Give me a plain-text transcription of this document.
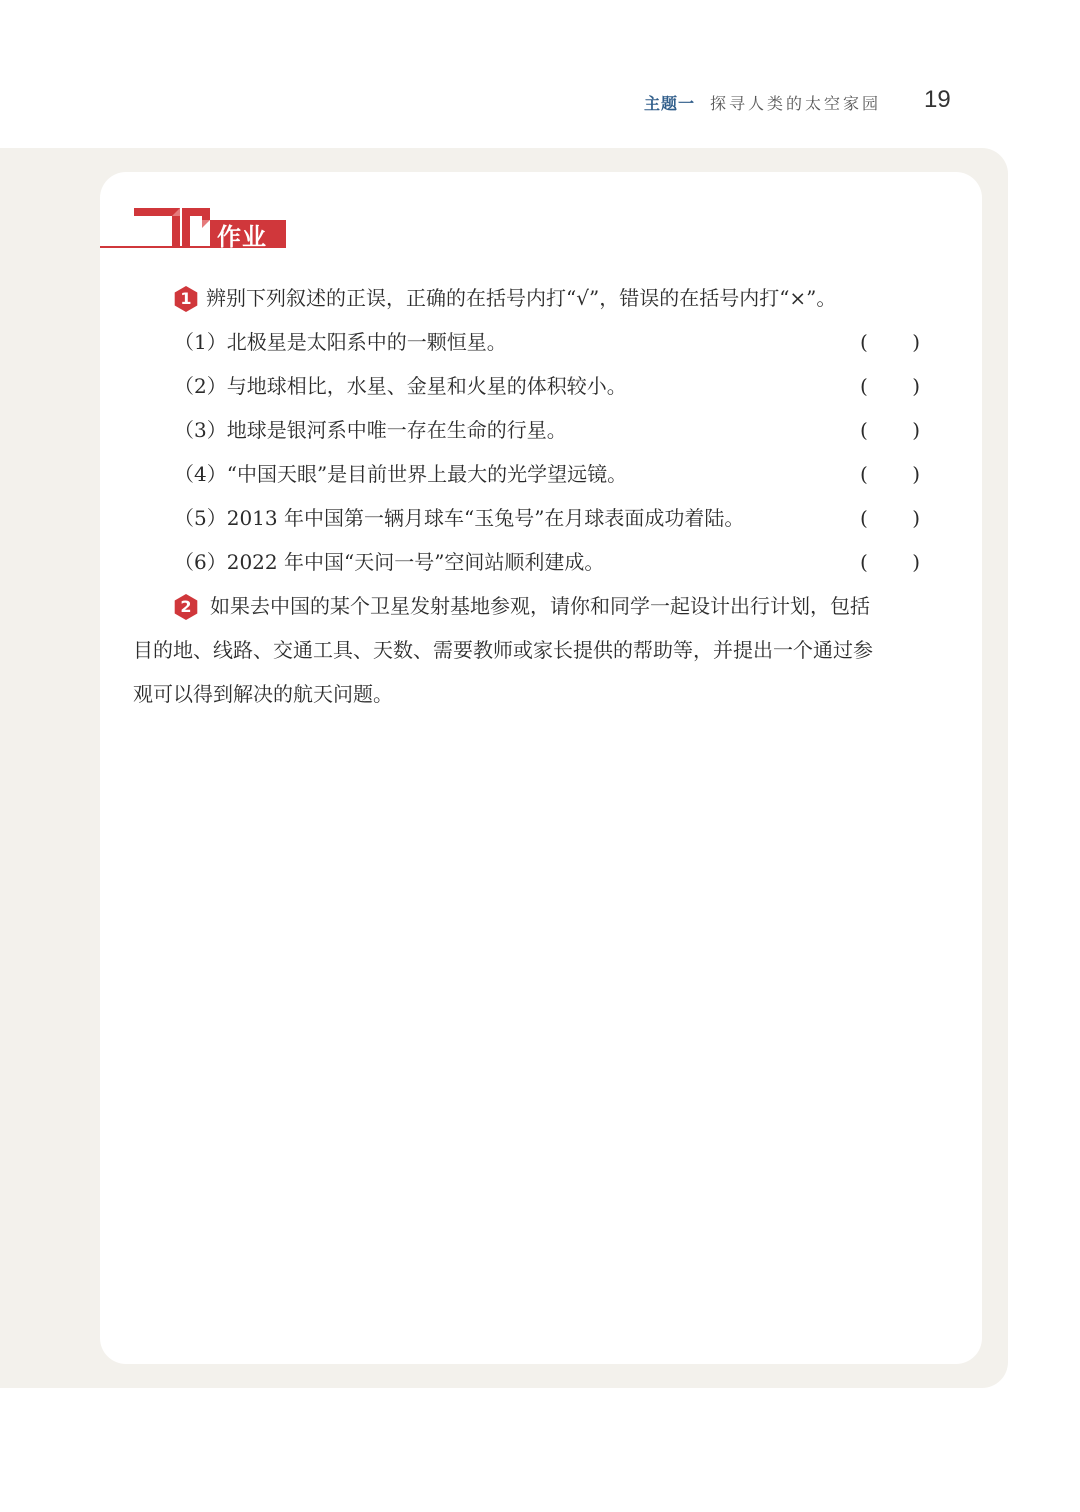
主题一 探寻人类的太空家园 19
作业
1 辨别下列叙述的正误，正确的在括号内打“√”，错误的在括号内打“×”。
（1）北极星是太阳系中的一颗恒星。	(       )
（2）与地球相比，水星、金星和火星的体积较小。	(       )
（3）地球是银河系中唯一存在生命的行星。	(       )
（4）“中国天眼”是目前世界上最大的光学望远镜。	(       )
（5）2013 年中国第一辆月球车“玉兔号”在月球表面成功着陆。	(       )
（6）2022 年中国“天问一号”空间站顺利建成。	(       )
2 如果去中国的某个卫星发射基地参观，请你和同学一起设计出行计划，包括
目的地、线路、交通工具、天数、需要教师或家长提供的帮助等，并提出一个通过参
观可以得到解决的航天问题。
